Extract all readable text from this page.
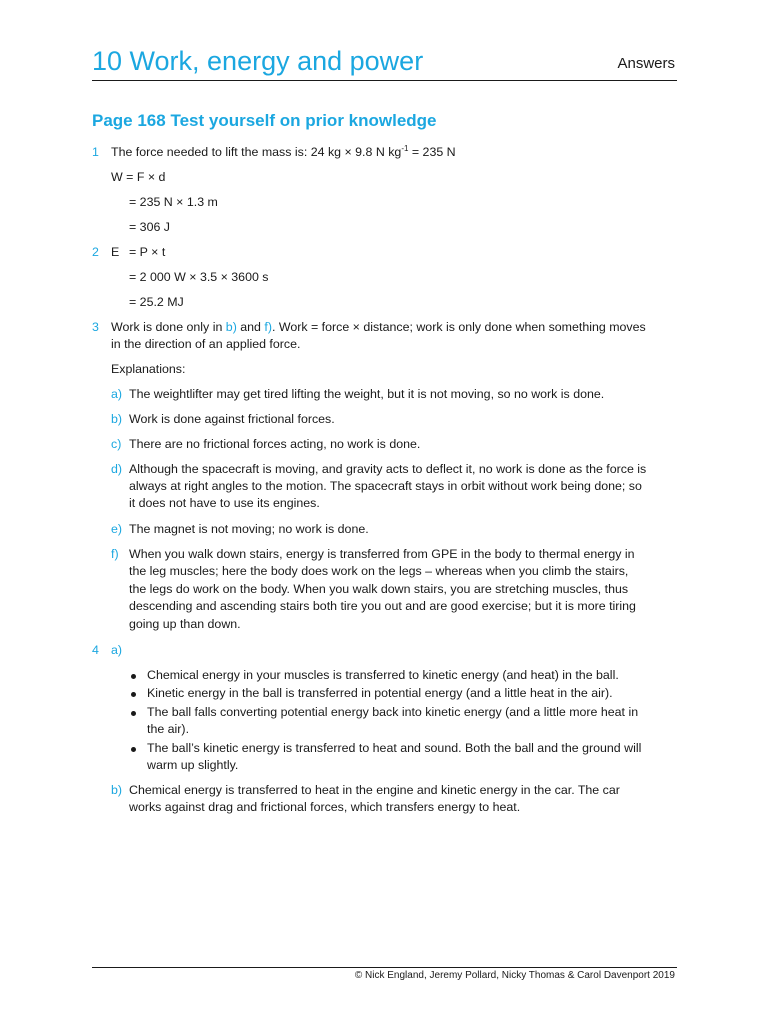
10 Work, energy and power	Answers
Page 168 Test yourself on prior knowledge
1 The force needed to lift the mass is: 24 kg × 9.8 N $kg^{-1} = 235$ N
W = F × d
= 235 N × 1.3 m
= 306 J
2 E = P × t
= 2 000 W × 3.5 × 3600 s
= 25.2 MJ
3 Work is done only in b) and f). Work = force × distance; work is only done when something moves
in the direction of an applied force.
Explanations:
a) The weightlifter may get tired lifting the weight, but it is not moving, so no work is done.
b) Work is done against frictional forces.
c) There are no frictional forces acting, no work is done.
d) Although the spacecraft is moving, and gravity acts to deflect it, no work is done as the force is
always at right angles to the motion. The spacecraft stays in orbit without work being done; so
it does not have to use its engines.
e) The magnet is not moving; no work is done.
f) When you walk down stairs, energy is transferred from GPE in the body to thermal energy in
the leg muscles; here the body does work on the legs – whereas when you climb the stairs,
the legs do work on the body. When you walk down stairs, you are stretching muscles, thus
descending and ascending stairs both tire you out and are good exercise; but it is more tiring
going up than down.
4 a)
Chemical energy in your muscles is transferred to kinetic energy (and heat) in the ball.
Kinetic energy in the ball is transferred in potential energy (and a little heat in the air).
The ball falls converting potential energy back into kinetic energy (and a little more heat in
the air).
The ball’s kinetic energy is transferred to heat and sound. Both the ball and the ground will
warm up slightly.
b) Chemical energy is transferred to heat in the engine and kinetic energy in the car. The car
works against drag and frictional forces, which transfers energy to heat.
© Nick England, Jeremy Pollard, Nicky Thomas & Carol Davenport 2019
